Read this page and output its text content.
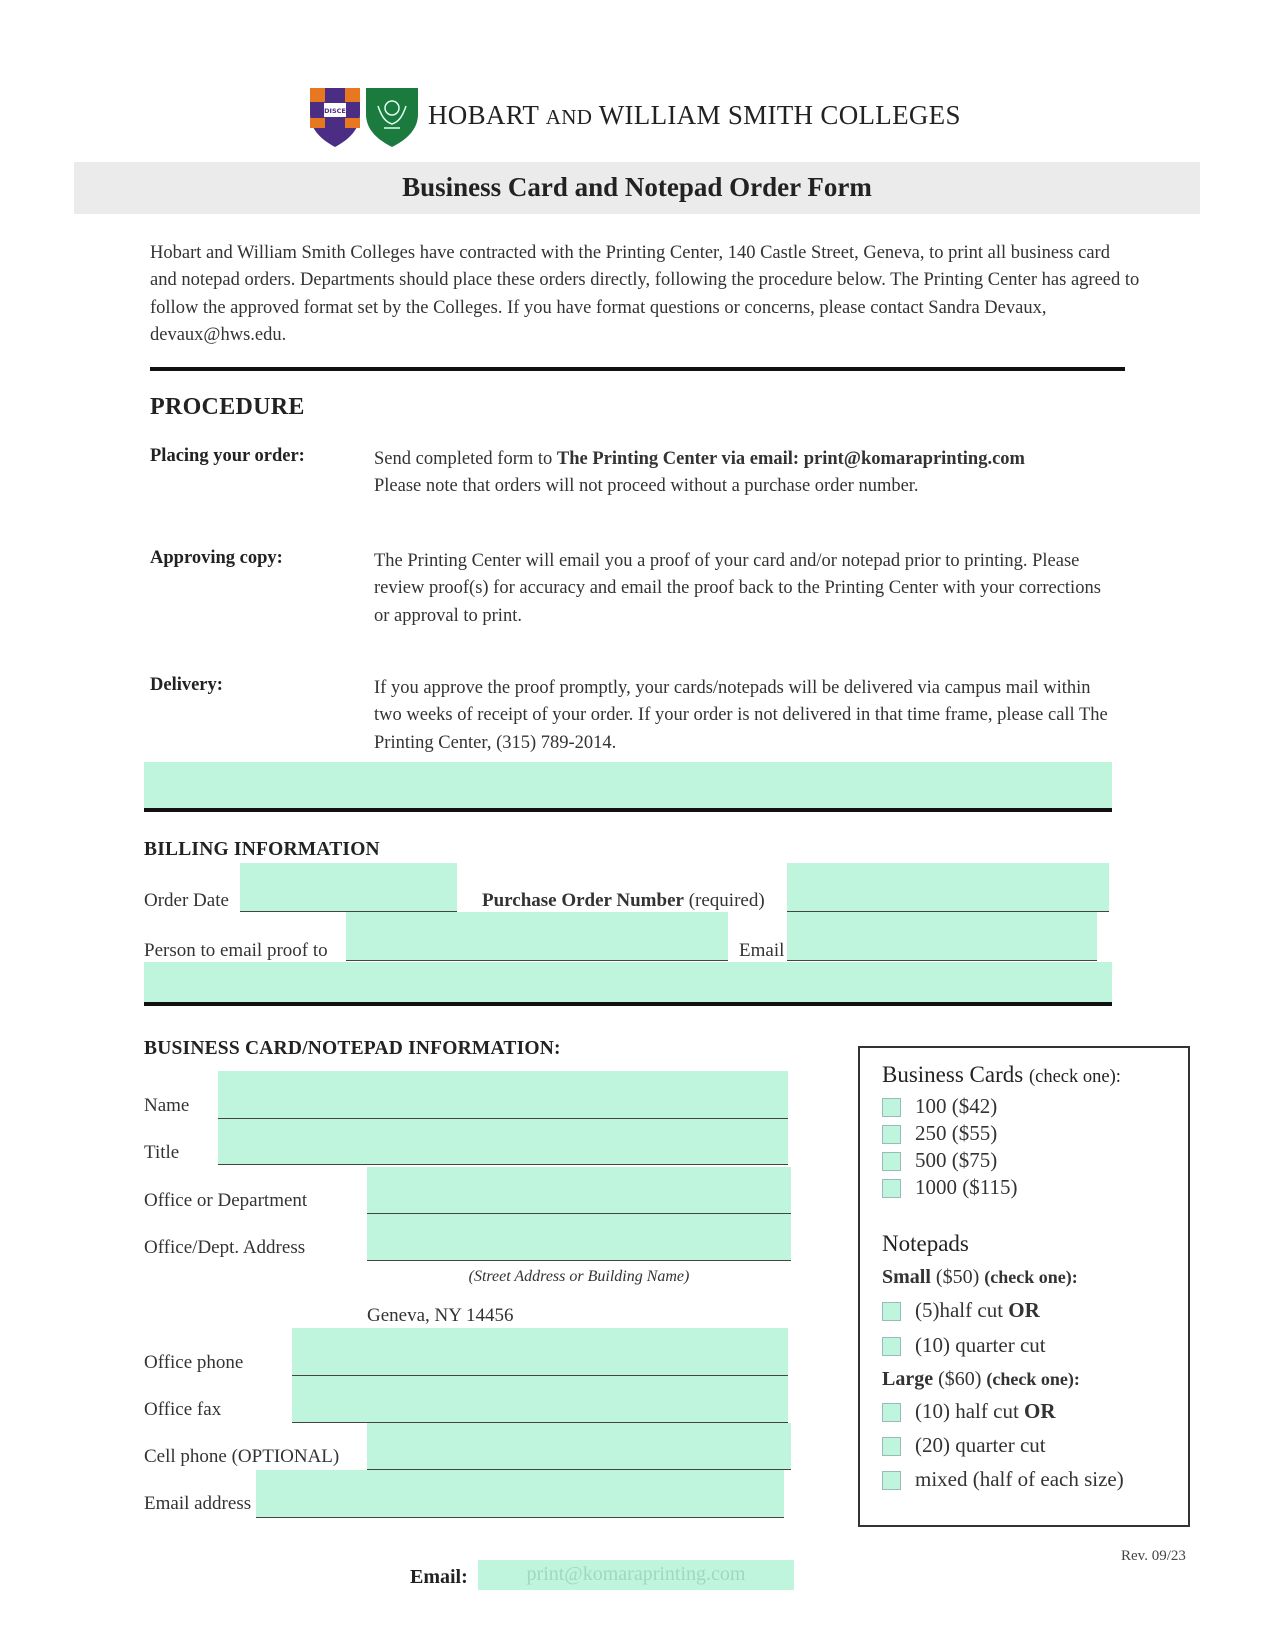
DISCE	HOBART AND WILLIAM SMITH COLLEGES
Business Card and Notepad Order Form
Hobart and William Smith Colleges have contracted with the Printing Center, 140 Castle Street, Geneva, to print all business card and notepad orders. Departments should place these orders directly, following the procedure below. The Printing Center has agreed to follow the approved format set by the Colleges. If you have format questions or concerns, please contact Sandra Devaux, devaux@hws.edu.
PROCEDURE
Placing your order:	Send completed form to The Printing Center via email: print@komaraprinting.com
Please note that orders will not proceed without a purchase order number.
Approving copy:	The Printing Center will email you a proof of your card and/or notepad prior to printing. Please review proof(s) for accuracy and email the proof back to the Printing Center with your corrections or approval to print.
Delivery:	If you approve the proof promptly, your cards/notepads will be delivered via campus mail within two weeks of receipt of your order. If your order is not delivered in that time frame, please call The Printing Center, (315) 789-2014.
BILLING INFORMATION
Order Date	Purchase Order Number (required)
Person to email proof to	Email
BUSINESS CARD/NOTEPAD INFORMATION:
Name
Title
Office or Department
Office/Dept. Address
(Street Address or Building Name)
Geneva, NY 14456
Office phone
Office fax
Cell phone (OPTIONAL)
Email address
Business Cards (check one):
100 ($42)
250 ($55)
500 ($75)
1000 ($115)
Notepads
Small ($50) (check one):
(5)half cut OR
(10) quarter cut
Large ($60) (check one):
(10) half cut OR
(20) quarter cut
mixed (half of each size)
Rev. 09/23
Email:	print@komaraprinting.com
